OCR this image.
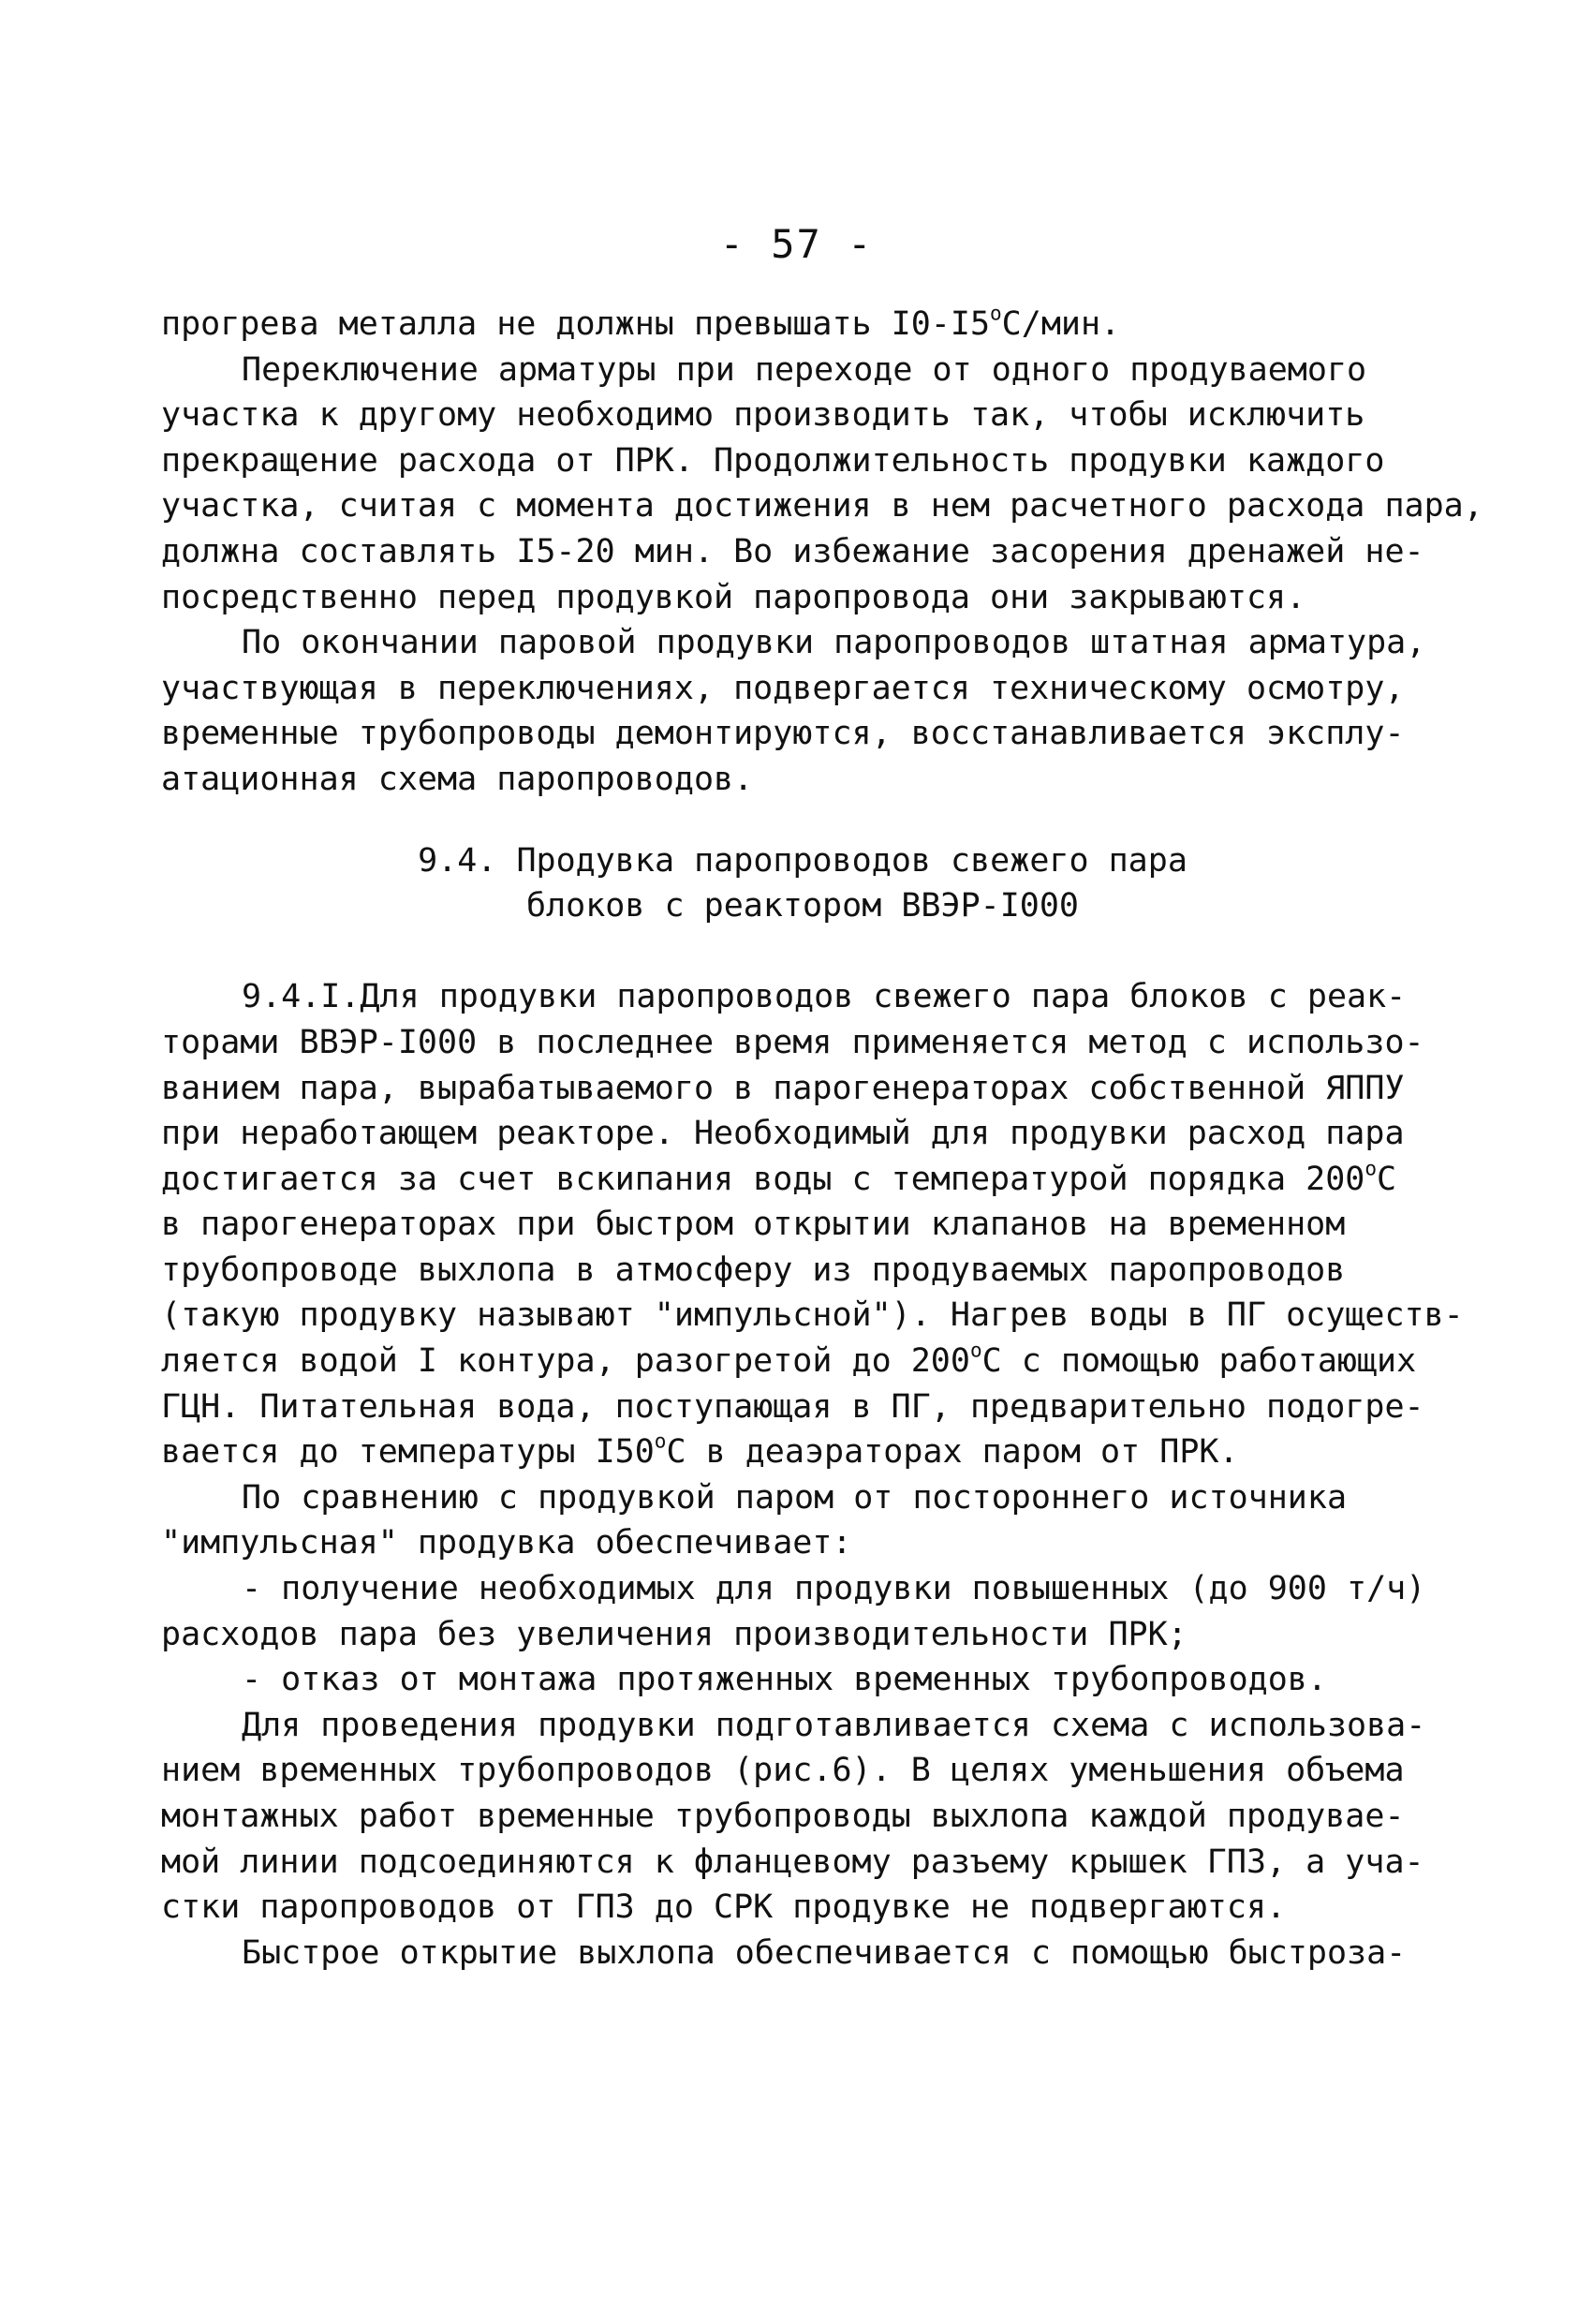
- 57 -
прогрева металла не должны превышать $I0-I5^оС$/мин.
Переключение арматуры при переходе от одного продуваемого
участка к другому необходимо производить так, чтобы исключить
прекращение расхода от ПРК. Продолжительность продувки каждого
участка, считая с момента достижения в нем расчетного расхода пара,
должна составлять I5-20 мин. Во избежание засорения дренажей не-
посредственно перед продувкой паропровода они закрываются.
По окончании паровой продувки паропроводов штатная арматура,
участвующая в переключениях, подвергается техническому осмотру,
временные трубопроводы демонтируются, восстанавливается эксплу-
атационная схема паропроводов.
9.4. Продувка паропроводов свежего пара
блоков с реактором ВВЭР-I000
9.4.I.Для продувки паропроводов свежего пара блоков с реак-
торами ВВЭР-I000 в последнее время применяется метод с использо-
ванием пара, вырабатываемого в парогенераторах собственной ЯППУ
при неработающем реакторе. Необходимый для продувки расход пара
достигается за счет вскипания воды с температурой порядка $200^оС$
в парогенераторах при быстром открытии клапанов на временном
трубопроводе выхлопа в атмосферу из продуваемых паропроводов
(такую продувку называют "импульсной"). Нагрев воды в ПГ осуществ-
ляется водой I контура, разогретой до $200^оС$ с помощью работающих
ГЦН. Питательная вода, поступающая в ПГ, предварительно подогре-
вается до температуры $I50^оС$ в деаэраторах паром от ПРК.
По сравнению с продувкой паром от постороннего источника
"импульсная" продувка обеспечивает:
- получение необходимых для продувки повышенных (до 900 т/ч)
расходов пара без увеличения производительности ПРК;
- отказ от монтажа протяженных временных трубопроводов.
Для проведения продувки подготавливается схема с использова-
нием временных трубопроводов (рис.6). В целях уменьшения объема
монтажных работ временные трубопроводы выхлопа каждой продувае-
мой линии подсоединяются к фланцевому разъему крышек ГПЗ, а уча-
стки паропроводов от ГПЗ до СРК продувке не подвергаются.
Быстрое открытие выхлопа обеспечивается с помощью быстроза-
